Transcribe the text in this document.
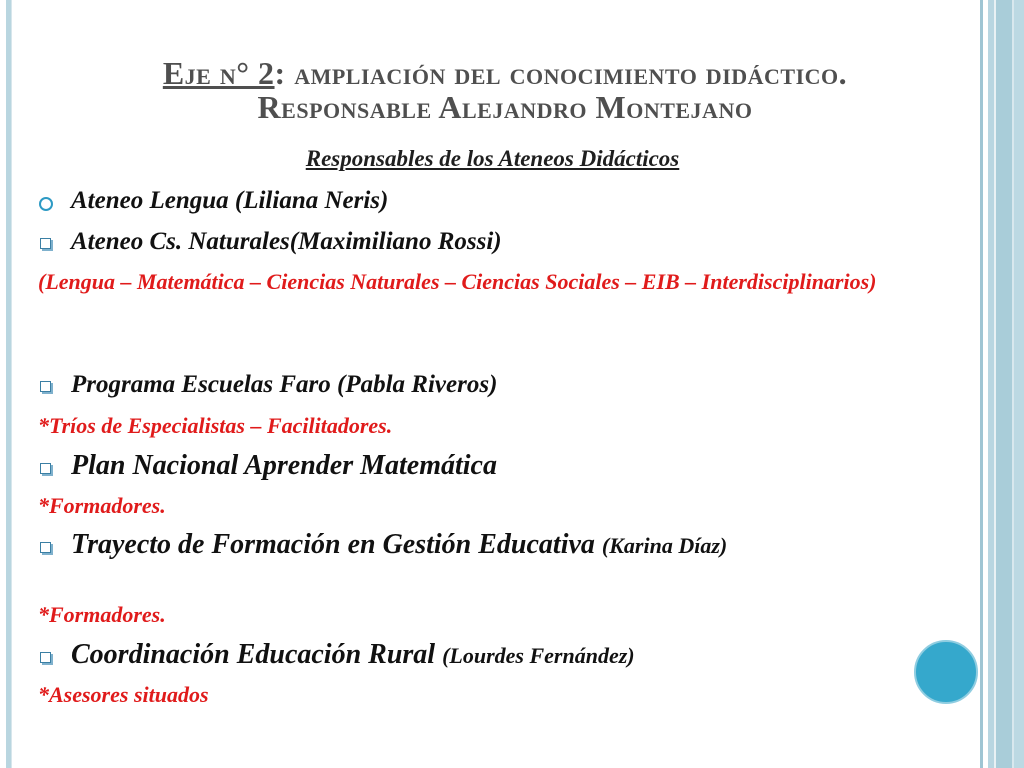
Eje n° 2: ampliación del conocimiento didáctico.
Responsable Alejandro Montejano
Responsables de los Ateneos Didácticos
Ateneo Lengua (Liliana Neris)
Ateneo Cs. Naturales(Maximiliano Rossi)
(Lengua – Matemática – Ciencias Naturales – Ciencias Sociales – EIB – Interdisciplinarios)
Programa Escuelas Faro (Pabla Riveros)
*Tríos de Especialistas – Facilitadores.
Plan Nacional Aprender Matemática
*Formadores.
Trayecto de Formación en Gestión Educativa (Karina Díaz)
*Formadores.
Coordinación Educación Rural (Lourdes Fernández)
*Asesores situados
